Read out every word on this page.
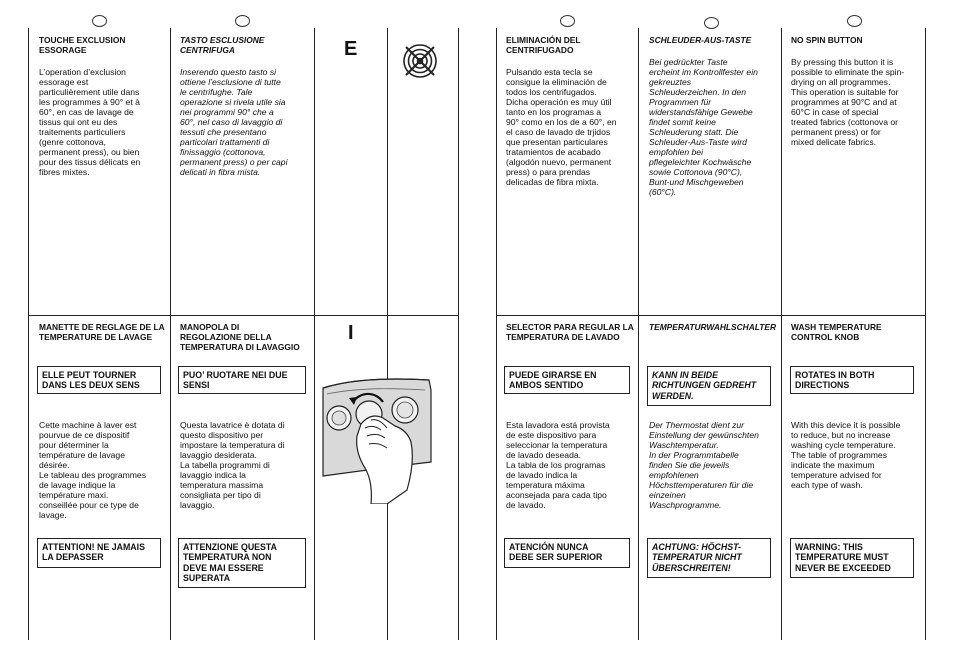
TOUCHE EXCLUSION
ESSORAGE
L’operation d’exclusion
essorage est
particulièrement utile dans
les programmes à 90° et à
60°, en cas de lavage de
tissus qui ont eu des
traitements particuliers
(genre cottonova,
permanent press), ou bien
pour des tissus délicats en
fibres mixtes.
TASTO ESCLUSIONE
CENTRIFUGA
Inserendo questo tasto si
ottiene l’esclusione di tutte
le centrifughe. Tale
operazione si rivela utile sia
nei programmi 90° che a
60°, nel caso di lavaggio di
tessuti che presentano
particolari trattamenti di
finissaggio (cottonova,
permanent press) o per capi
delicati in fibra mista.
E
MANETTE DE REGLAGE DE LA
TEMPERATURE DE LAVAGE
ELLE PEUT TOURNER
DANS LES DEUX SENS
Cette machine à laver est
pourvue de ce dispositif
pour déterminer la
température de lavage
désirée.
Le tableau des programmes
de lavage indique la
température maxi.
conseillée pour ce type de
lavage.
ATTENTION! NE JAMAIS
LA DEPASSER
MANOPOLA DI
REGOLAZIONE DELLA
TEMPERATURA DI LAVAGGIO
PUO’ RUOTARE NEI DUE
SENSI
Questa lavatrice è dotata di
questo dispositivo per
impostare la temperatura di
lavaggio desiderata.
La tabella programmi di
lavaggio indica la
temperatura massima
consigliata per tipo di
lavaggio.
ATTENZIONE QUESTA
TEMPERATURA NON
DEVE MAI ESSERE
SUPERATA
I
ELIMINACIÓN DEL
CENTRIFUGADO
Pulsando esta tecla se
consigue la eliminación de
todos los centrifugados.
Dicha operación es muy útil
tanto en los programas a
90° como en los de a 60°, en
el caso de lavado de trjidos
que presentan particulares
tratamientos de acabado
(algodón nuevo, permanent
press) o para prendas
delicadas de fibra mixta.
SCHLEUDER-AUS-TASTE
Bei gedrückter Taste
ercheint im Kontrollfester ein
gekreuztes
Schleuderzeichen. In den
Programmen für
widerstandsfähige Gewebe
findet somit keine
Schleuderung statt. Die
Schleuder-Aus-Taste wird
empfohlen bei
pflegeleichter Kochwäsche
sowie Cottonova (90°C),
Bunt-und Mischgeweben
(60°C).
NO SPIN BUTTON
By pressing this button it is
possible to eliminate the spin-
drying on all programmes.
This operation is suitable for
programmes at 90°C and at
60°C in case of special
treated fabrics (cottonova or
permanent press) or for
mixed delicate fabrics.
SELECTOR PARA REGULAR LA
TEMPERATURA DE LAVADO
PUEDE GIRARSE EN
AMBOS SENTIDO
Esta lavadora está provista
de este dispositivo para
seleccionar la temperatura
de lavado deseada.
La tabla de los programas
de lavado indica la
temperatura máxima
aconsejada para cada tipo
de lavado.
ATENCIÓN NUNCA
DEBE SER SUPERIOR
TEMPERATURWAHLSCHALTER
KANN IN BEIDE
RICHTUNGEN GEDREHT
WERDEN.
Der Thermostat dient zur
Einstellung der gewünschten
Waschtemperatur.
In der Programmtabelle
finden Sie die jeweils
empfohlenen
Höchsttemperaturen für die
einzeinen
Waschprogramme.
ACHTUNG: HÖCHST-
TEMPERATUR NICHT
ÜBERSCHREITEN!
WASH TEMPERATURE
CONTROL KNOB
ROTATES IN BOTH
DIRECTIONS
With this device it is possible
to reduce, but no increase
washing cycle temperature.
The table of programmes
indicate the maximum
temperature advised for
each type of wash.
WARNING: THIS
TEMPERATURE MUST
NEVER BE EXCEEDED
